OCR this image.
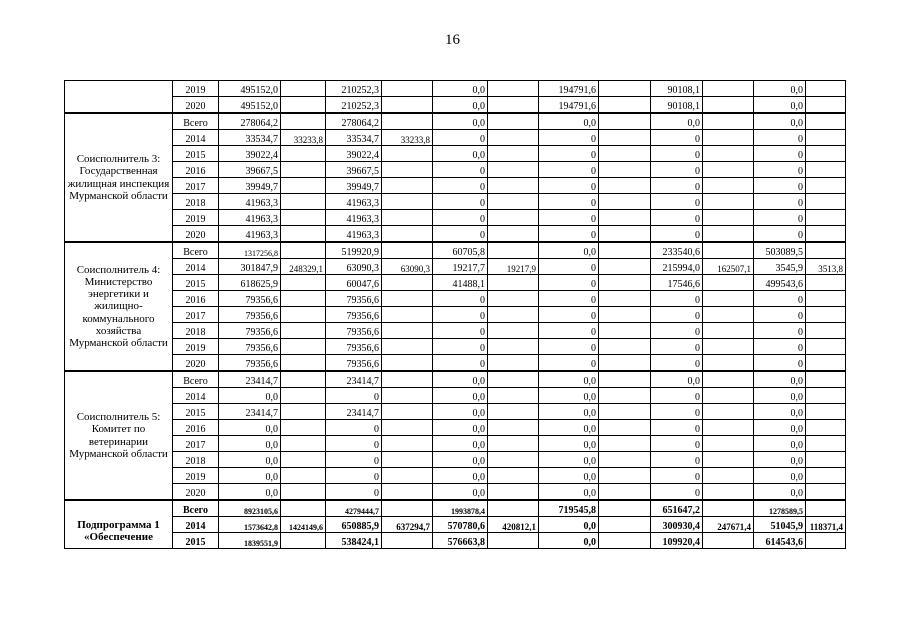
16
	2019	495152,0		210252,3		0,0		194791,6		90108,1		0,0	
	2020	495152,0		210252,3		0,0		194791,6		90108,1		0,0	
Соисполнитель 3: Государственная жилищная инспекция Мурманской области	Всего	278064,2		278064,2		0,0		0,0		0,0		0,0	
	2014	33534,7	33233,8	33534,7	33233,8	0		0		0		0	
	2015	39022,4		39022,4		0,0		0		0		0	
	2016	39667,5		39667,5		0		0		0		0	
	2017	39949,7		39949,7		0		0		0		0	
	2018	41963,3		41963,3		0		0		0		0	
	2019	41963,3		41963,3		0		0		0		0	
	2020	41963,3		41963,3		0		0		0		0	
Соисполнитель 4: Министерство энергетики и жилищно-коммунального хозяйства Мурманской области	Всего	1317256,8		519920,9		60705,8		0,0		233540,6		503089,5	
	2014	301847,9	248329,1	63090,3	63090,3	19217,7	19217,9	0		215994,0	162507,1	3545,9	3513,8
	2015	618625,9		60047,6		41488,1		0		17546,6		499543,6	
	2016	79356,6		79356,6		0		0		0		0	
	2017	79356,6		79356,6		0		0		0		0	
	2018	79356,6		79356,6		0		0		0		0	
	2019	79356,6		79356,6		0		0		0		0	
	2020	79356,6		79356,6		0		0		0		0	
Соисполнитель 5: Комитет по ветеринарии Мурманской области	Всего	23414,7		23414,7		0,0		0,0		0,0		0,0	
	2014	0,0		0		0,0		0,0		0		0,0	
	2015	23414,7		23414,7		0,0		0,0		0		0,0	
	2016	0,0		0		0,0		0,0		0		0,0	
	2017	0,0		0		0,0		0,0		0		0,0	
	2018	0,0		0		0,0		0,0		0		0,0	
	2019	0,0		0		0,0		0,0		0		0,0	
	2020	0,0		0		0,0		0,0		0		0,0	
Подпрограмма 1 «Обеспечение	Всего	8923105,6		4279444,7		1993878,4		719545,8		651647,2		1278589,5	
	2014	1573642,8	1424149,6	650885,9	637294,7	570780,6	420812,1	0,0		300930,4	247671,4	51045,9	118371,4
	2015	1839551,9		538424,1		576663,8		0,0		109920,4		614543,6	
